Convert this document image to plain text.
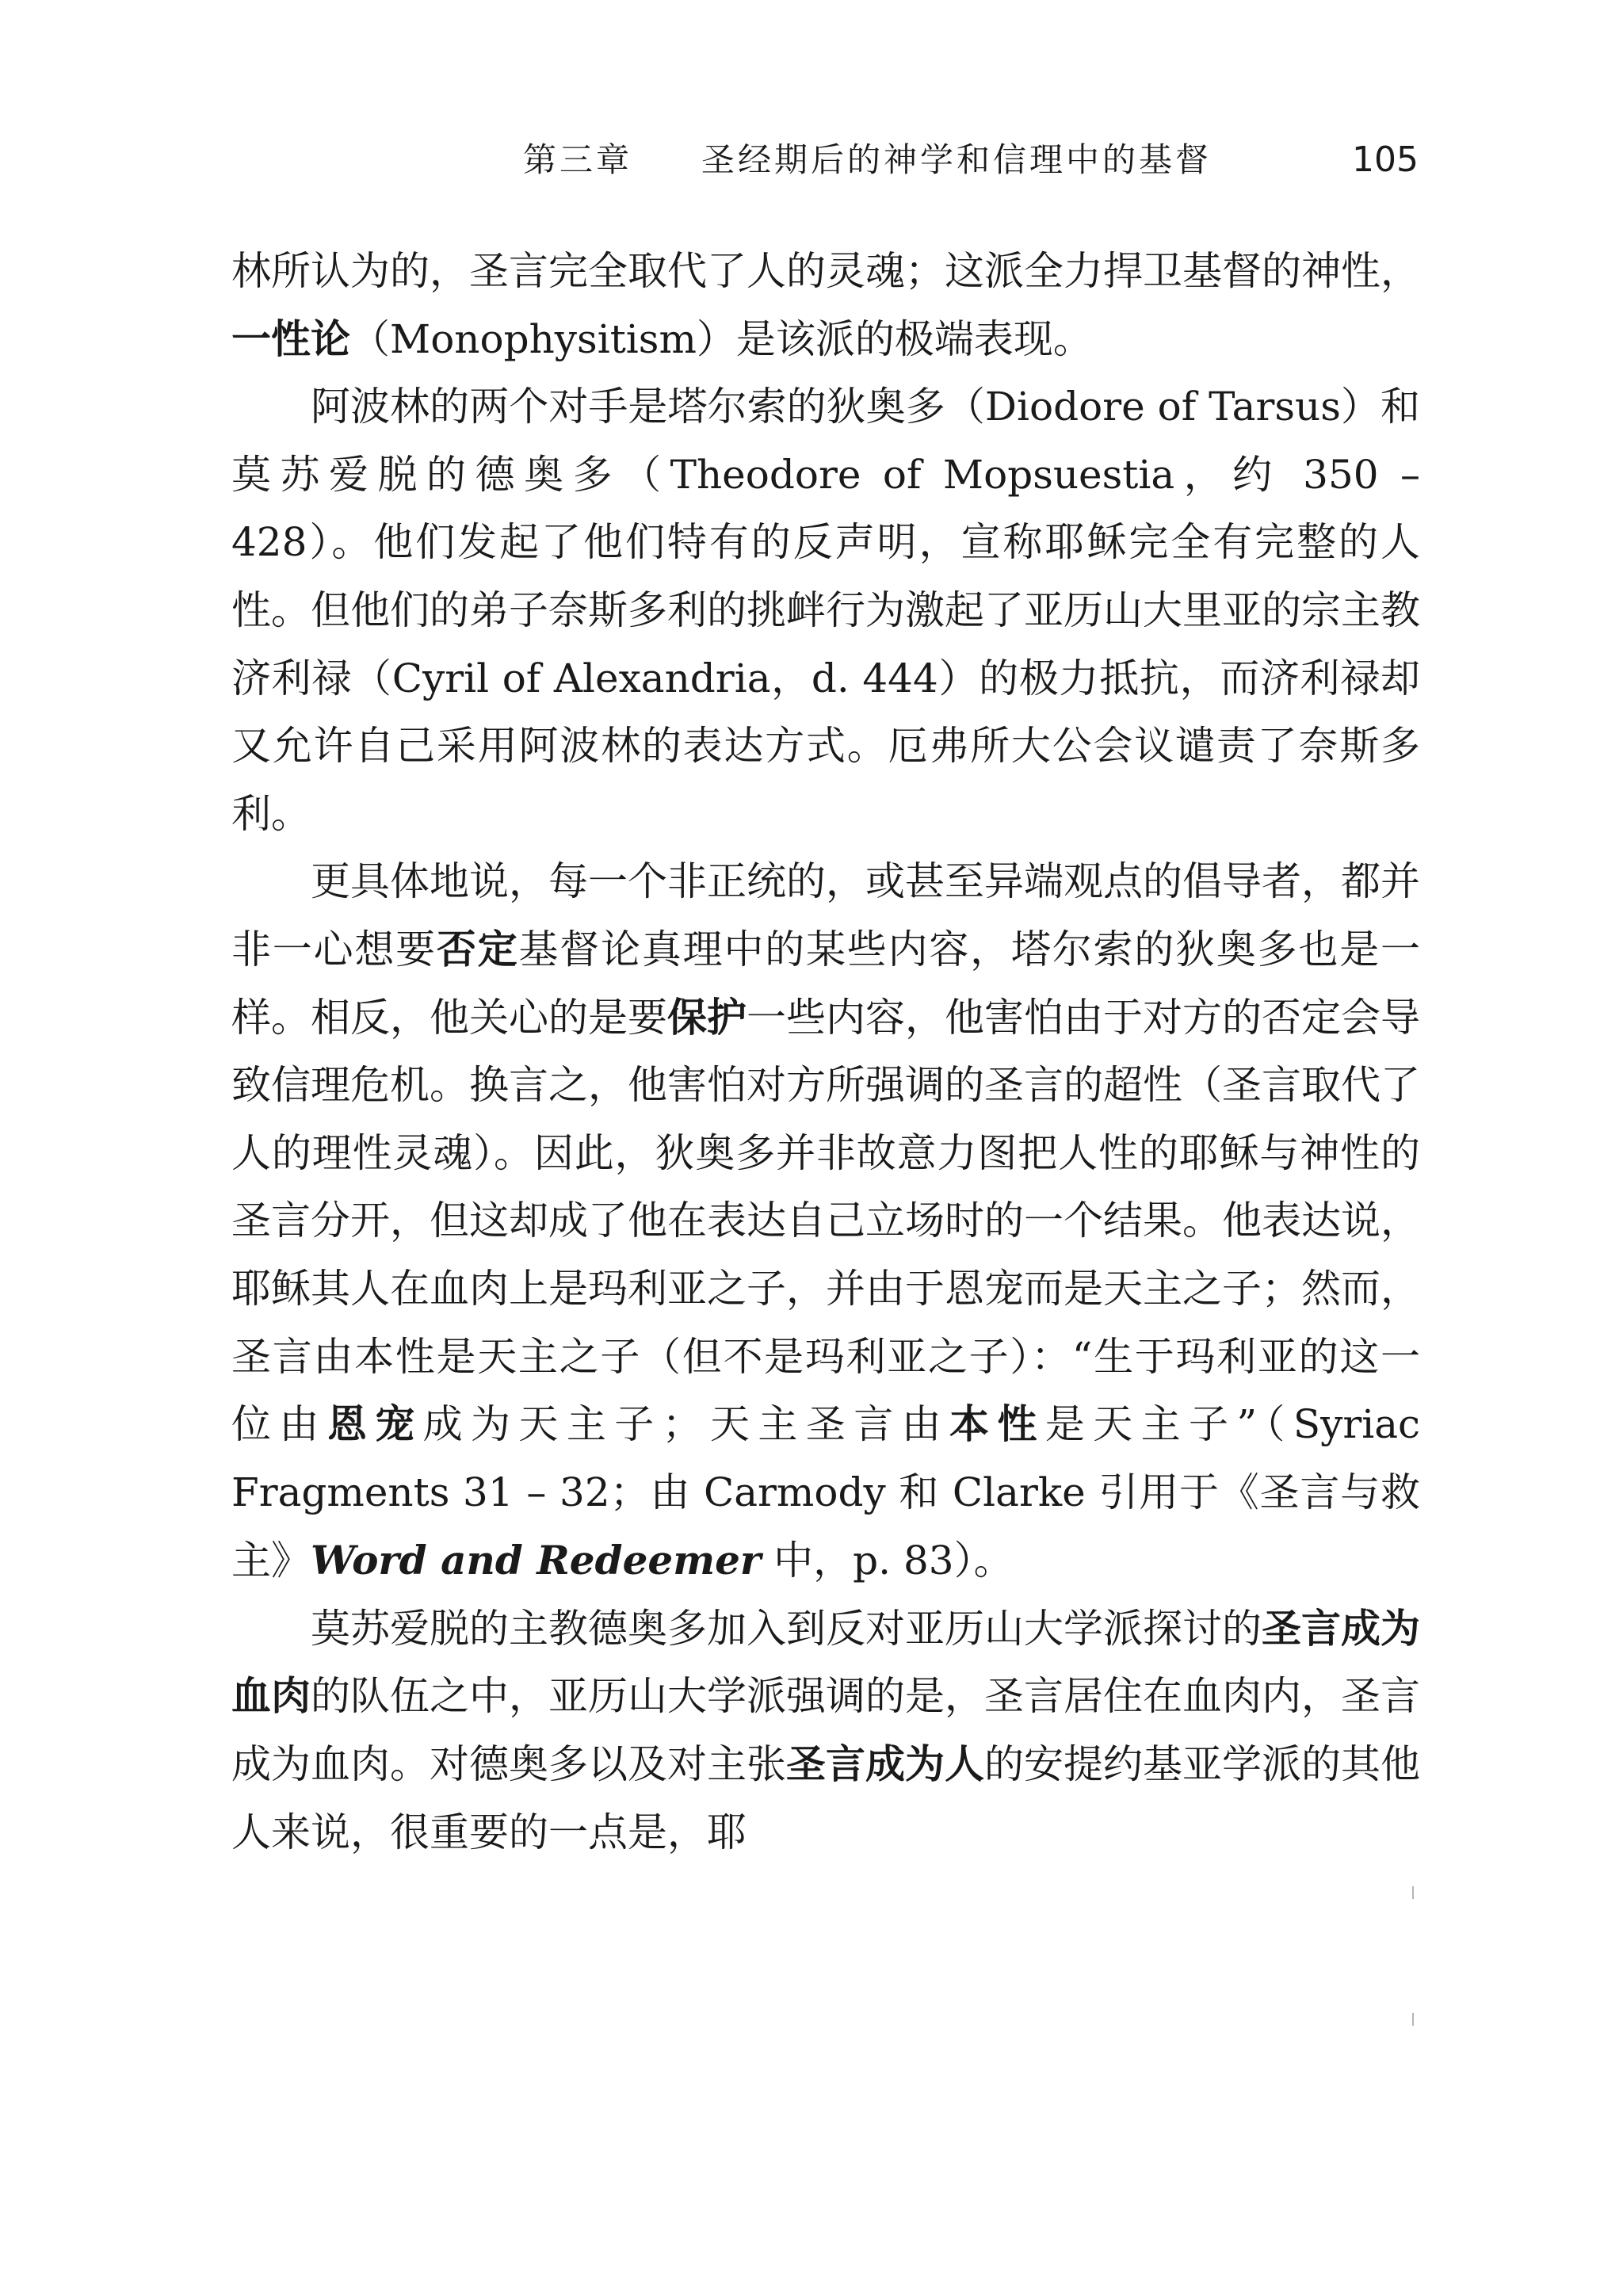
第三章 圣经期后的神学和信理中的基督	105

林所认为的，圣言完全取代了人的灵魂；这派全力捍卫基督的神性，一性论（Monophysitism）是该派的极端表现。

阿波林的两个对手是塔尔索的狄奥多（Diodore of Tarsus）和莫苏爱脱的德奥多（Theodore of Mopsuestia，约 350 – 428）。他们发起了他们特有的反声明，宣称耶稣完全有完整的人性。但他们的弟子奈斯多利的挑衅行为激起了亚历山大里亚的宗主教济利禄（Cyril of Alexandria，d. 444）的极力抵抗，而济利禄却又允许自己采用阿波林的表达方式。厄弗所大公会议谴责了奈斯多利。

更具体地说，每一个非正统的，或甚至异端观点的倡导者，都并非一心想要否定基督论真理中的某些内容，塔尔索的狄奥多也是一样。相反，他关心的是要保护一些内容，他害怕由于对方的否定会导致信理危机。换言之，他害怕对方所强调的圣言的超性（圣言取代了人的理性灵魂）。因此，狄奥多并非故意力图把人性的耶稣与神性的圣言分开，但这却成了他在表达自己立场时的一个结果。他表达说，耶稣其人在血肉上是玛利亚之子，并由于恩宠而是天主之子；然而，圣言由本性是天主之子（但不是玛利亚之子）：“生于玛利亚的这一位由恩宠成为天主子；天主圣言由本性是天主子”（Syriac Fragments 31 – 32；由 Carmody 和 Clarke 引用于《圣言与救主》Word and Redeemer 中，p. 83）。

莫苏爱脱的主教德奥多加入到反对亚历山大学派探讨的圣言成为血肉的队伍之中，亚历山大学派强调的是，圣言居住在血肉内，圣言成为血肉。对德奥多以及对主张圣言成为人的安提约基亚学派的其他人来说，很重要的一点是，耶
